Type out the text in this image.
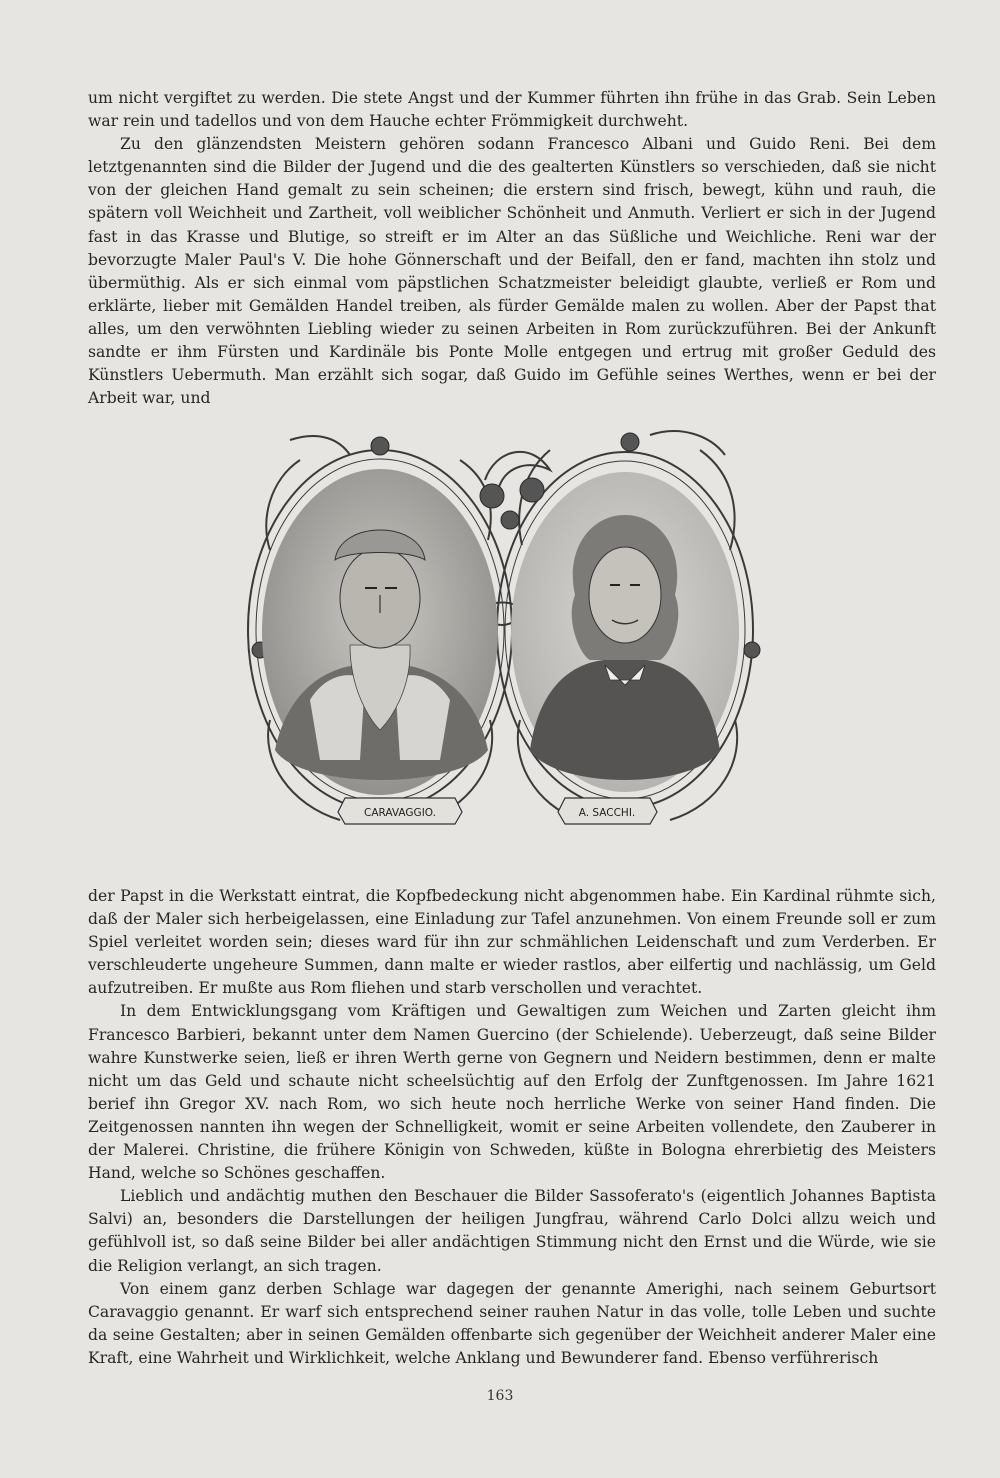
um nicht vergiftet zu werden. Die stete Angst und der Kummer führten ihn frühe in das Grab. Sein Leben war rein und tadellos und von dem Hauche echter Frömmigkeit durchweht.

Zu den glänzendsten Meistern gehören sodann Francesco Albani und Guido Reni. Bei dem letztgenannten sind die Bilder der Jugend und die des gealterten Künstlers so verschieden, daß sie nicht von der gleichen Hand gemalt zu sein scheinen; die erstern sind frisch, bewegt, kühn und rauh, die spätern voll Weichheit und Zartheit, voll weiblicher Schönheit und Anmuth. Verliert er sich in der Jugend fast in das Krasse und Blutige, so streift er im Alter an das Süßliche und Weichliche. Reni war der bevorzugte Maler Paul's V. Die hohe Gönnerschaft und der Beifall, den er fand, machten ihn stolz und übermüthig. Als er sich einmal vom päpstlichen Schatzmeister beleidigt glaubte, verließ er Rom und erklärte, lieber mit Gemälden Handel treiben, als fürder Gemälde malen zu wollen. Aber der Papst that alles, um den verwöhnten Liebling wieder zu seinen Arbeiten in Rom zurückzuführen. Bei der Ankunft sandte er ihm Fürsten und Kardinäle bis Ponte Molle entgegen und ertrug mit großer Geduld des Künstlers Uebermuth. Man erzählt sich sogar, daß Guido im Gefühle seines Werthes, wenn er bei der Arbeit war, und

CARAVAGGIO.	A. SACCHI.

der Papst in die Werkstatt eintrat, die Kopfbedeckung nicht abgenommen habe. Ein Kardinal rühmte sich, daß der Maler sich herbeigelassen, eine Einladung zur Tafel anzunehmen. Von einem Freunde soll er zum Spiel verleitet worden sein; dieses ward für ihn zur schmählichen Leidenschaft und zum Verderben. Er verschleuderte ungeheure Summen, dann malte er wieder rastlos, aber eilfertig und nachlässig, um Geld aufzutreiben. Er mußte aus Rom fliehen und starb verschollen und verachtet.

In dem Entwicklungsgang vom Kräftigen und Gewaltigen zum Weichen und Zarten gleicht ihm Francesco Barbieri, bekannt unter dem Namen Guercino (der Schielende). Ueberzeugt, daß seine Bilder wahre Kunstwerke seien, ließ er ihren Werth gerne von Gegnern und Neidern bestimmen, denn er malte nicht um das Geld und schaute nicht scheelsüchtig auf den Erfolg der Zunftgenossen. Im Jahre 1621 berief ihn Gregor XV. nach Rom, wo sich heute noch herrliche Werke von seiner Hand finden. Die Zeitgenossen nannten ihn wegen der Schnelligkeit, womit er seine Arbeiten vollendete, den Zauberer in der Malerei. Christine, die frühere Königin von Schweden, küßte in Bologna ehrerbietig des Meisters Hand, welche so Schönes geschaffen.

Lieblich und andächtig muthen den Beschauer die Bilder Sassoferato's (eigentlich Johannes Baptista Salvi) an, besonders die Darstellungen der heiligen Jungfrau, während Carlo Dolci allzu weich und gefühlvoll ist, so daß seine Bilder bei aller andächtigen Stimmung nicht den Ernst und die Würde, wie sie die Religion verlangt, an sich tragen.

Von einem ganz derben Schlage war dagegen der genannte Amerighi, nach seinem Geburtsort Caravaggio genannt. Er warf sich entsprechend seiner rauhen Natur in das volle, tolle Leben und suchte da seine Gestalten; aber in seinen Gemälden offenbarte sich gegenüber der Weichheit anderer Maler eine Kraft, eine Wahrheit und Wirklichkeit, welche Anklang und Bewunderer fand. Ebenso verführerisch

163
